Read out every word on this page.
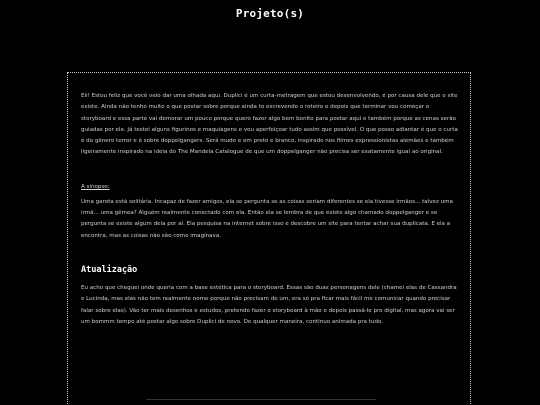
Projeto(s)

Eii! Estou feliz que você veio dar uma olhada aqui. Duplici é um curta-metragem que estou desenvolvendo, é por causa dele que o site existe. Ainda não tenho muito o que postar sobre porque ainda to escrevendo o roteiro e depois que terminar vou começar o storyboard e essa parte vai demorar um pouco porque quero fazer algo bem bonito para postar aqui e também porque as cenas serão guiadas por ele. Já testei alguns figurinos e maquiagens e vou aperfeiçoar tudo assim que possível. O que posso adiantar é que o curta é do gênero terror e é sobre doppelgangers. Será mudo e em preto e branco, inspirado nos filmes expressionistas alemães e também ligeiramente inspirado na ideia do The Mandela Catalogue de que um doppelganger não precisa ser exatamente igual ao original.

A sinopse:

Uma garota está solitária. Incapaz de fazer amigos, ela se pergunta se as coisas seriam diferentes se ela tivesse irmãos... talvez uma irmã... uma gêmea? Alguém realmente conectado com ela. Então ela se lembra de que existe algo chamado doppelganger e se pergunta se existe algum dela por aí. Ela pesquisa na internet sobre isso e descobre um site para tentar achar sua duplicata. E ela a encontra, mas as coisas não são como imaginava.

Atualização

Eu acho que cheguei onde queria com a base estética para o storyboard. Essas são duas personagens dele (chamei elas de Cassandra e Lucinda, mas elas não tem realmente nome porque não precisam de um, era só pra ficar mais fácil me comunicar quando precisar falar sobre elas). Vão ter mais desenhos e estudos, pretendo fazer o storyboard à mão e depois passá-lo pro digital, mas agora vai ser um bommm tempo até postar algo sobre Duplici de novo. De qualquer maneira, continuo animada pra tudo.
